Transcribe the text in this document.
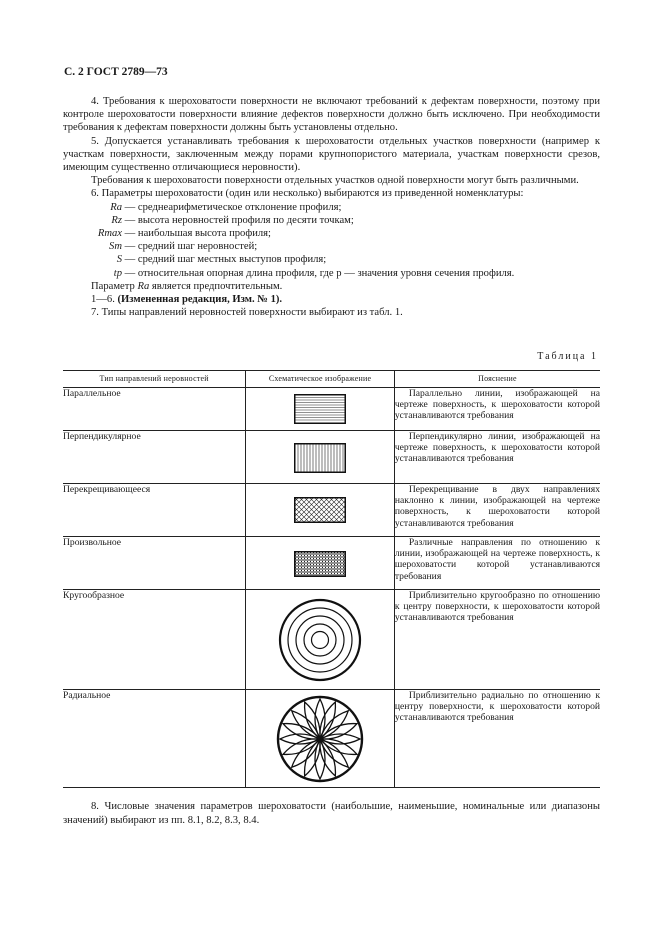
С. 2 ГОСТ 2789—73

4. Требования к шероховатости поверхности не включают требований к дефектам поверхности, поэтому при контроле шероховатости поверхности влияние дефектов поверхности должно быть исключено. При необходимости требования к дефектам поверхности должны быть установлены отдельно.

5. Допускается устанавливать требования к шероховатости отдельных участков поверхности (например к участкам поверхности, заключенным между порами крупнопористого материала, участкам поверхности срезов, имеющим существенно отличающиеся неровности).

Требования к шероховатости поверхности отдельных участков одной поверхности могут быть различными.

6. Параметры шероховатости (один или несколько) выбираются из приведенной номенклатуры:

Ra — среднеарифметическое отклонение профиля;

Rz — высота неровностей профиля по десяти точкам;

Rmax — наибольшая высота профиля;

Sm — средний шаг неровностей;

S — средний шаг местных выступов профиля;

tp — относительная опорная длина профиля, где p — значения уровня сечения профиля.

Параметр Ra является предпочтительным.

1—6. (Измененная редакция, Изм. № 1).

7. Типы направлений неровностей поверхности выбирают из табл. 1.

Таблица 1
Тип направлений неровностей	Схематическое изображение	Пояснение
Параллельное		Параллельно линии, изображающей на чертеже поверхность, к шероховатости которой устанавливаются требования

Перпендикулярное		Перпендикулярно линии, изображающей на чертеже поверхность, к шероховатости которой устанавливаются требования

Перекрещивающееся		Перекрещивание в двух направлениях наклонно к линии, изображающей на чертеже поверхность, к шероховатости которой устанавливаются требования

Произвольное		Различные направления по отношению к линии, изображающей на чертеже поверхность, к шероховатости которой устанавливаются требования

Кругообразное		Приблизительно кругообразно по отношению к центру поверхности, к шероховатости которой устанавливаются требования

Радиальное		Приблизительно радиально по отношению к центру поверхности, к шероховатости которой устанавливаются требования

8. Числовые значения параметров шероховатости (наибольшие, наименьшие, номинальные или диапазоны значений) выбирают из пп. 8.1, 8.2, 8.3, 8.4.
